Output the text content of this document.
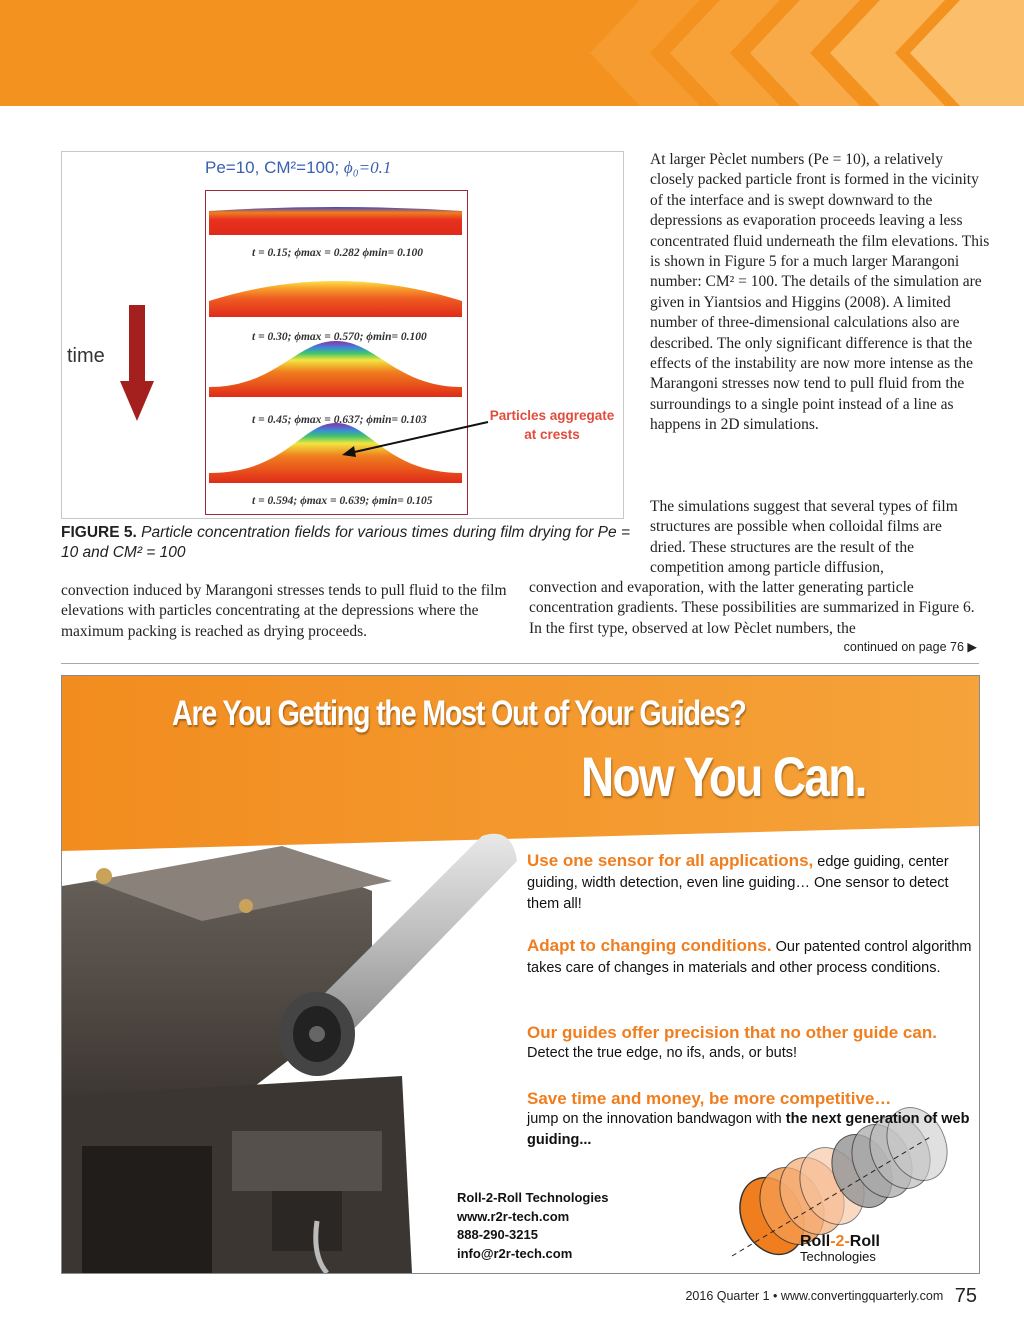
Pe=10, CM²=100; ϕ₀=0.1
time
t = 0.15; ϕmax = 0.282 ϕmin= 0.100
t = 0.30; ϕmax = 0.570; ϕmin= 0.100
t = 0.45; ϕmax = 0.637; ϕmin= 0.103
t = 0.594; ϕmax = 0.639; ϕmin= 0.105
Particles aggregate at crests
FIGURE 5. Particle concentration fields for various times during film drying for Pe = 10 and CM² = 100
At larger Pèclet numbers (Pe = 10), a relatively closely packed particle front is formed in the vicinity of the interface and is swept downward to the depressions as evaporation proceeds leaving a less concentrated fluid underneath the film elevations. This is shown in Figure 5 for a much larger Marangoni number: CM² = 100. The details of the simulation are given in Yiantsios and Higgins (2008). A limited number of three-dimensional calculations also are described. The only significant difference is that the effects of the instability are now more intense as the Marangoni stresses now tend to pull fluid from the surroundings to a single point instead of a line as happens in 2D simulations.
The simulations suggest that several types of film structures are possible when colloidal films are dried. These structures are the result of the competition among particle diffusion,
convection induced by Marangoni stresses tends to pull fluid to the film elevations with particles concentrating at the depressions where the maximum packing is reached as drying proceeds.
convection and evaporation, with the latter generating particle concentration gradients. These possibilities are summarized in Figure 6. In the first type, observed at low Pèclet numbers, the
continued on page 76 ▶
Are You Getting the Most Out of Your Guides?
Now You Can.
Use one sensor for all applications, edge guiding, center guiding, width detection, even line guiding… One sensor to detect them all!
Adapt to changing conditions. Our patented control algorithm takes care of changes in materials and other process conditions.
Our guides offer precision that no other guide can.
Detect the true edge, no ifs, ands, or buts!
Save time and money, be more competitive…
jump on the innovation bandwagon with the next generation of web guiding...
Roll-2-Roll Technologies
www.r2r-tech.com
888-290-3215
info@r2r-tech.com
Roll-2-Roll
Technologies
2016 Quarter 1 • www.convertingquarterly.com 75
